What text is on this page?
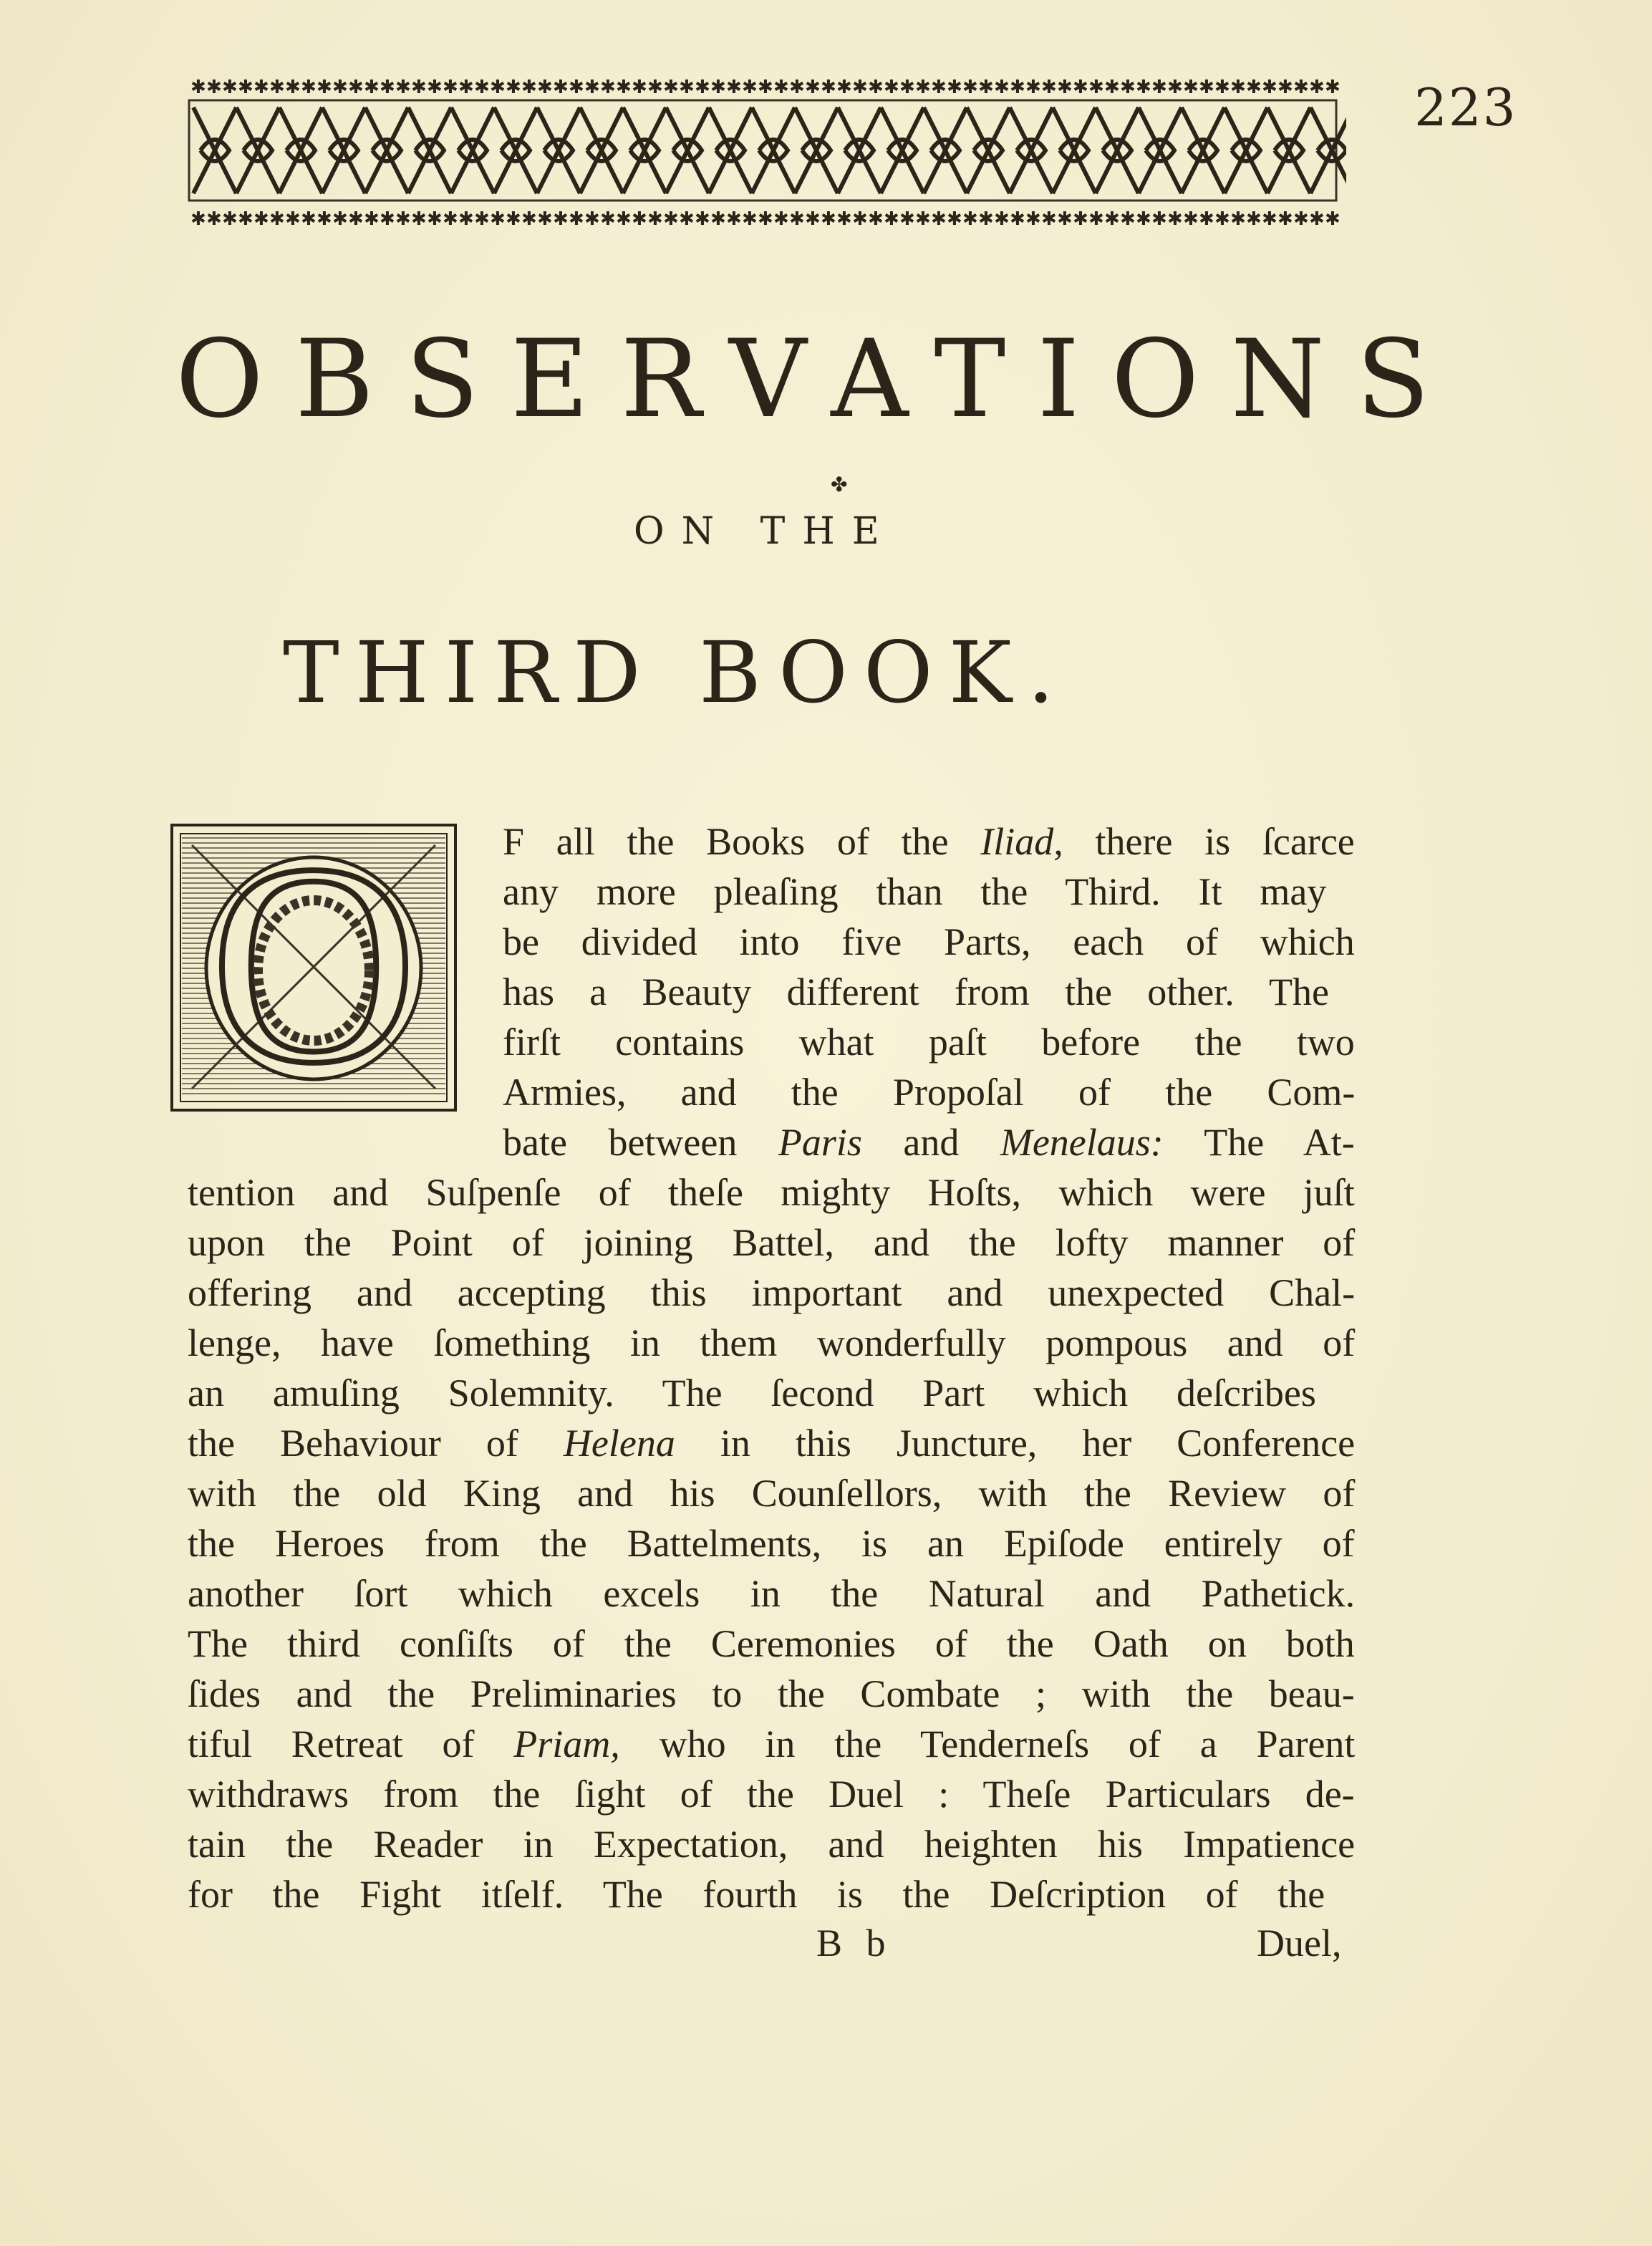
✱ ✱ ✱ ✱ ✱ ✱ ✱ ✱ ✱ ✱ ✱ ✱ ✱ ✱ ✱ ✱ ✱ ✱ ✱ ✱ ✱ ✱ ✱ ✱ ✱ ✱ ✱ ✱ ✱ ✱ ✱ ✱ ✱ ✱ ✱ ✱ ✱ ✱ ✱ ✱ ✱ ✱ ✱ ✱ ✱ ✱ ✱ ✱ ✱ ✱ ✱ ✱ ✱ ✱ ✱ ✱ ✱ ✱ ✱ ✱ ✱ ✱ ✱ ✱ ✱ ✱ ✱ ✱ ✱ ✱ ✱ ✱ ✱
✱ ✱ ✱ ✱ ✱ ✱ ✱ ✱ ✱ ✱ ✱ ✱ ✱ ✱ ✱ ✱ ✱ ✱ ✱ ✱ ✱ ✱ ✱ ✱ ✱ ✱ ✱ ✱ ✱ ✱ ✱ ✱ ✱ ✱ ✱ ✱ ✱ ✱ ✱ ✱ ✱ ✱ ✱ ✱ ✱ ✱ ✱ ✱ ✱ ✱ ✱ ✱ ✱ ✱ ✱ ✱ ✱ ✱ ✱ ✱ ✱ ✱ ✱ ✱ ✱ ✱ ✱ ✱ ✱ ✱ ✱ ✱ ✱
223
OBSERVATIONS
✤
ON THE
THIRD BOOK.
O F all the Books of the Iliad, there is ſcarce
any more pleaſing than the Third. It may
be divided into five Parts, each of which
has a Beauty different from the other. The
firſt contains what paſt before the two
Armies, and the Propoſal of the Com-
bate between Paris and Menelaus: The At-
tention and Suſpenſe of theſe mighty Hoſts, which were juſt
upon the Point of joining Battel, and the lofty manner of
offering and accepting this important and unexpected Chal-
lenge, have ſomething in them wonderfully pompous and of
an amuſing Solemnity. The ſecond Part which deſcribes
the Behaviour of Helena in this Juncture, her Conference
with the old King and his Counſellors, with the Review of
the Heroes from the Battelments, is an Epiſode entirely of
another ſort which excels in the Natural and Pathetick.
The third conſiſts of the Ceremonies of the Oath on both
ſides and the Preliminaries to the Combate ; with the beau-
tiful Retreat of Priam, who in the Tenderneſs of a Parent
withdraws from the ſight of the Duel : Theſe Particulars de-
tain the Reader in Expectation, and heighten his Impatience
for the Fight itſelf. The fourth is the Deſcription of the
B b	Duel,
